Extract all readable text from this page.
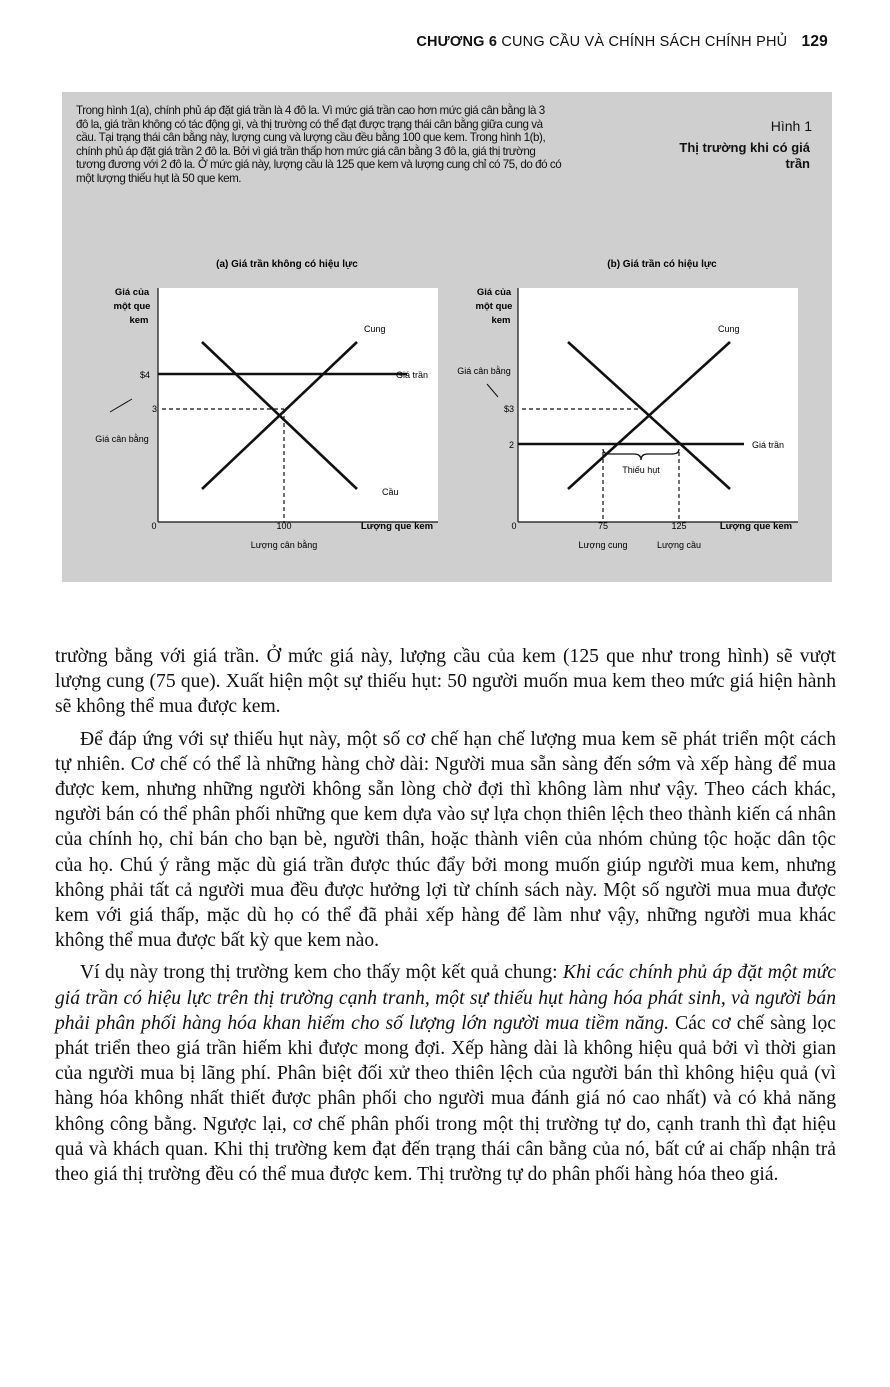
CHƯƠNG 6 CUNG CẦU VÀ CHÍNH SÁCH CHÍNH PHỦ 129
Trong hình 1(a), chính phủ áp đặt giá trần là 4 đô la. Vì mức giá trần cao hơn mức giá cân bằng là 3
đô la, giá trần không có tác động gì, và thị trường có thể đạt được trạng thái cân bằng giữa cung và
cầu. Tại trạng thái cân bằng này, lượng cung và lượng cầu đều bằng 100 que kem. Trong hình 1(b),
chính phủ áp đặt giá trần 2 đô la. Bởi vì giá trần thấp hơn mức giá cân bằng 3 đô la, giá thị trường
tương đương với 2 đô la. Ở mức giá này, lượng cầu là 125 que kem và lượng cung chỉ có 75, do đó có
một lượng thiếu hụt là 50 que kem.
Hình 1
Thị trường khi có giá trần
(a) Giá trần không có hiệu lực
Giá của
một que
kem
Giá trần
$4
3
Cung
Cầu
Giá cân bằng
0	100
Lượng cân bằng
Lượng que kem
(b) Giá trần có hiệu lực
Giá của
một que
kem
Giá cân bằng
$3
2	Giá trần
Cung
Thiếu hụt
0	75	125
Lượng cung	Lượng cầu
Lượng que kem

trường bằng với giá trần. Ở mức giá này, lượng cầu của kem (125 que như trong hình) sẽ vượt lượng cung (75 que). Xuất hiện một sự thiếu hụt: 50 người muốn mua kem theo mức giá hiện hành sẽ không thể mua được kem.

Để đáp ứng với sự thiếu hụt này, một số cơ chế hạn chế lượng mua kem sẽ phát triển một cách tự nhiên. Cơ chế có thể là những hàng chờ dài: Người mua sẵn sàng đến sớm và xếp hàng để mua được kem, nhưng những người không sẵn lòng chờ đợi thì không làm như vậy. Theo cách khác, người bán có thể phân phối những que kem dựa vào sự lựa chọn thiên lệch theo thành kiến cá nhân của chính họ, chỉ bán cho bạn bè, người thân, hoặc thành viên của nhóm chủng tộc hoặc dân tộc của họ. Chú ý rằng mặc dù giá trần được thúc đẩy bởi mong muốn giúp người mua kem, nhưng không phải tất cả người mua đều được hưởng lợi từ chính sách này. Một số người mua mua được kem với giá thấp, mặc dù họ có thể đã phải xếp hàng để làm như vậy, những người mua khác không thể mua được bất kỳ que kem nào.

Ví dụ này trong thị trường kem cho thấy một kết quả chung: Khi các chính phủ áp đặt một mức giá trần có hiệu lực trên thị trường cạnh tranh, một sự thiếu hụt hàng hóa phát sinh, và người bán phải phân phối hàng hóa khan hiếm cho số lượng lớn người mua tiềm năng. Các cơ chế sàng lọc phát triển theo giá trần hiếm khi được mong đợi. Xếp hàng dài là không hiệu quả bởi vì thời gian của người mua bị lãng phí. Phân biệt đối xử theo thiên lệch của người bán thì không hiệu quả (vì hàng hóa không nhất thiết được phân phối cho người mua đánh giá nó cao nhất) và có khả năng không công bằng. Ngược lại, cơ chế phân phối trong một thị trường tự do, cạnh tranh thì đạt hiệu quả và khách quan. Khi thị trường kem đạt đến trạng thái cân bằng của nó, bất cứ ai chấp nhận trả theo giá thị trường đều có thể mua được kem. Thị trường tự do phân phối hàng hóa theo giá.
